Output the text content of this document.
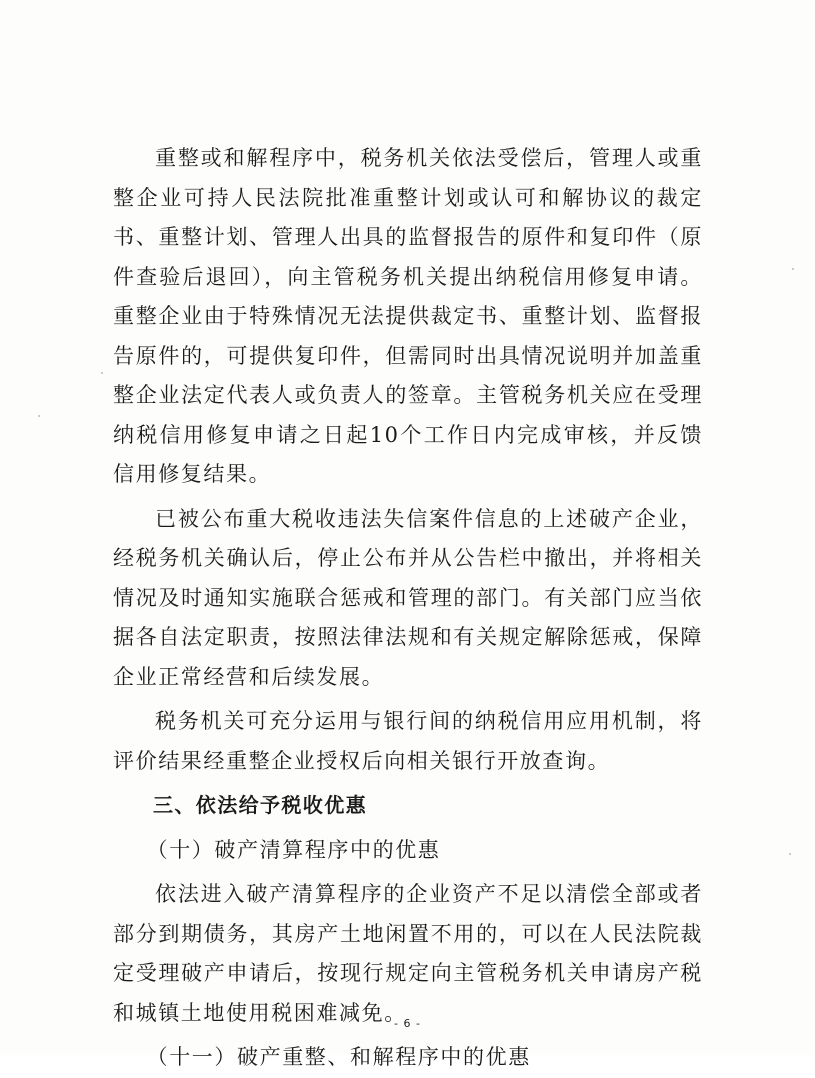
重整或和解程序中，税务机关依法受偿后，管理人或重整企业可持人民法院批准重整计划或认可和解协议的裁定书、重整计划、管理人出具的监督报告的原件和复印件（原件查验后退回），向主管税务机关提出纳税信用修复申请。重整企业由于特殊情况无法提供裁定书、重整计划、监督报告原件的，可提供复印件，但需同时出具情况说明并加盖重整企业法定代表人或负责人的签章。主管税务机关应在受理纳税信用修复申请之日起10个工作日内完成审核，并反馈信用修复结果。

已被公布重大税收违法失信案件信息的上述破产企业，经税务机关确认后，停止公布并从公告栏中撤出，并将相关情况及时通知实施联合惩戒和管理的部门。有关部门应当依据各自法定职责，按照法律法规和有关规定解除惩戒，保障企业正常经营和后续发展。

税务机关可充分运用与银行间的纳税信用应用机制，将评价结果经重整企业授权后向相关银行开放查询。

三、依法给予税收优惠

（十）破产清算程序中的优惠

依法进入破产清算程序的企业资产不足以清偿全部或者部分到期债务，其房产土地闲置不用的，可以在人民法院裁定受理破产申请后，按现行规定向主管税务机关申请房产税和城镇土地使用税困难减免。

（十一）破产重整、和解程序中的优惠

- 6 -
